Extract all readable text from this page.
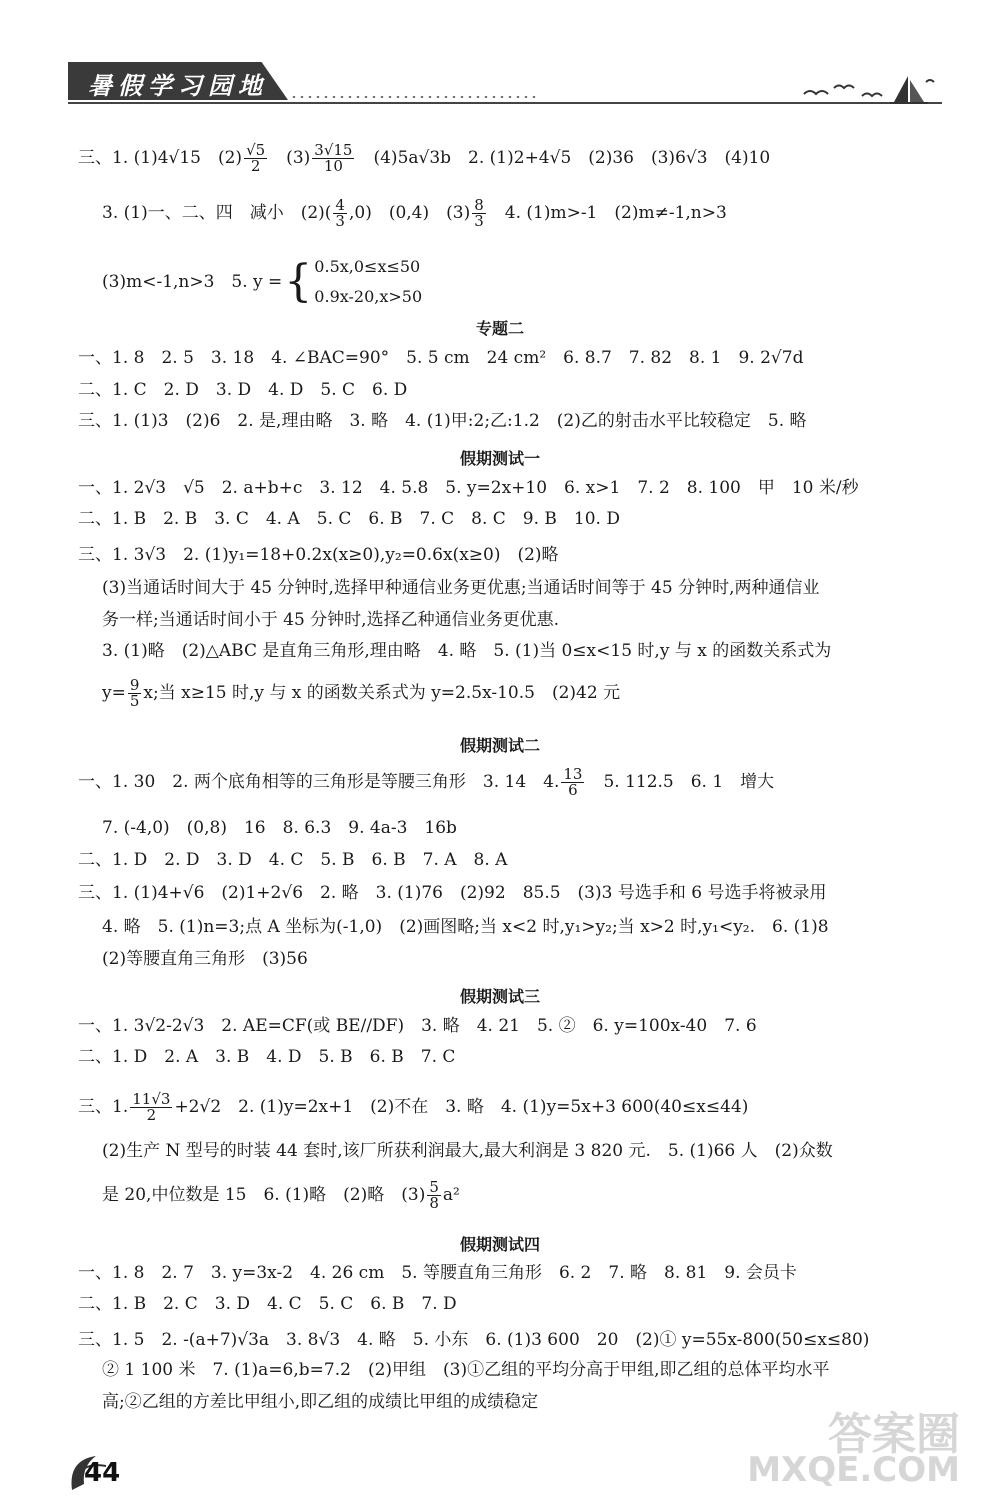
暑假学习园地
三、1. (1)4√15　$(2) \frac{√5}{2}$ 　$(3) \frac{3√15}{10}$ 　(4)5a√3b　2. (1)2+4√5　(2)36　(3)6√3　(4)10
3. (1)一、二、四　减小　$(2)( \frac{4}{3} ,0)$　(0,4)　$(3) \frac{8}{3}$ 　4. (1)m>-1　(2)m≠-1,n>3
(3)m<-1,n>3　5. y ={ 0.5x,0≤x≤50
0.9x-20,x>50
专题二
一、1. 8　2. 5　3. 18　4. ∠BAC=90°　5. 5 cm　24 cm²　6. 8.7　7. 82　8. 1　9. 2√7d
二、1. C　2. D　3. D　4. D　5. C　6. D
三、1. (1)3　(2)6　2. 是,理由略　3. 略　4. (1)甲:2;乙:1.2　(2)乙的射击水平比较稳定　5. 略
假期测试一
一、1. 2√3　√5　2. a+b+c　3. 12　4. 5.8　5. y=2x+10　6. x>1　7. 2　8. 100　甲　10 米/秒
二、1. B　2. B　3. C　4. A　5. C　6. B　7. C　8. C　9. B　10. D
三、1. 3√3　2. (1)y₁=18+0.2x(x≥0),y₂=0.6x(x≥0)　(2)略
(3)当通话时间大于 45 分钟时,选择甲种通信业务更优惠;当通话时间等于 45 分钟时,两种通信业
务一样;当通话时间小于 45 分钟时,选择乙种通信业务更优惠.
3. (1)略　(2)△ABC 是直角三角形,理由略　4. 略　5. (1)当 0≤x<15 时,y 与 x 的函数关系式为
$y= \frac{9}{5} x$;当 x≥15 时,y 与 x 的函数关系式为 y=2.5x-10.5　(2)42 元
假期测试二
一、1. 30　2. 两个底角相等的三角形是等腰三角形　3. 14　4. $\frac{13}{6}$ 　5. 112.5　6. 1　增大
7. (-4,0)　(0,8)　16　8. 6.3　9. 4a-3　16b
二、1. D　2. D　3. D　4. C　5. B　6. B　7. A　8. A
三、1. (1)4+√6　(2)1+2√6　2. 略　3. (1)76　(2)92　85.5　(3)3 号选手和 6 号选手将被录用
4. 略　5. (1)n=3;点 A 坐标为(-1,0)　(2)画图略;当 x<2 时,y₁>y₂;当 x>2 时,y₁<y₂.　6. (1)8
(2)等腰直角三角形　(3)56
假期测试三
一、1. 3√2-2√3　2. AE=CF(或 BE//DF)　3. 略　4. 21　5. ②　6. y=100x-40　7. 6
二、1. D　2. A　3. B　4. D　5. B　6. B　7. C
三、1. $\frac{11√3}{2} +2√2$　2. (1)y=2x+1　(2)不在　3. 略　4. (1)y=5x+3 600(40≤x≤44)
(2)生产 N 型号的时装 44 套时,该厂所获利润最大,最大利润是 3 820 元.　5. (1)66 人　(2)众数
是 20,中位数是 15　6. (1)略　(2)略　$(3) \frac{5}{8} a^2$
假期测试四
一、1. 8　2. 7　3. y=3x-2　4. 26 cm　5. 等腰直角三角形　6. 2　7. 略　8. 81　9. 会员卡
二、1. B　2. C　3. D　4. C　5. C　6. B　7. D
三、1. 5　2. -(a+7)√3a　3. 8√3　4. 略　5. 小东　6. (1)3 600　20　(2)① y=55x-800(50≤x≤80)
② 1 100 米　7. (1)a=6,b=7.2　(2)甲组　(3)①乙组的平均分高于甲组,即乙组的总体平均水平
高;②乙组的方差比甲组小,即乙组的成绩比甲组的成绩稳定
44
答案圈
MXQE.COM
